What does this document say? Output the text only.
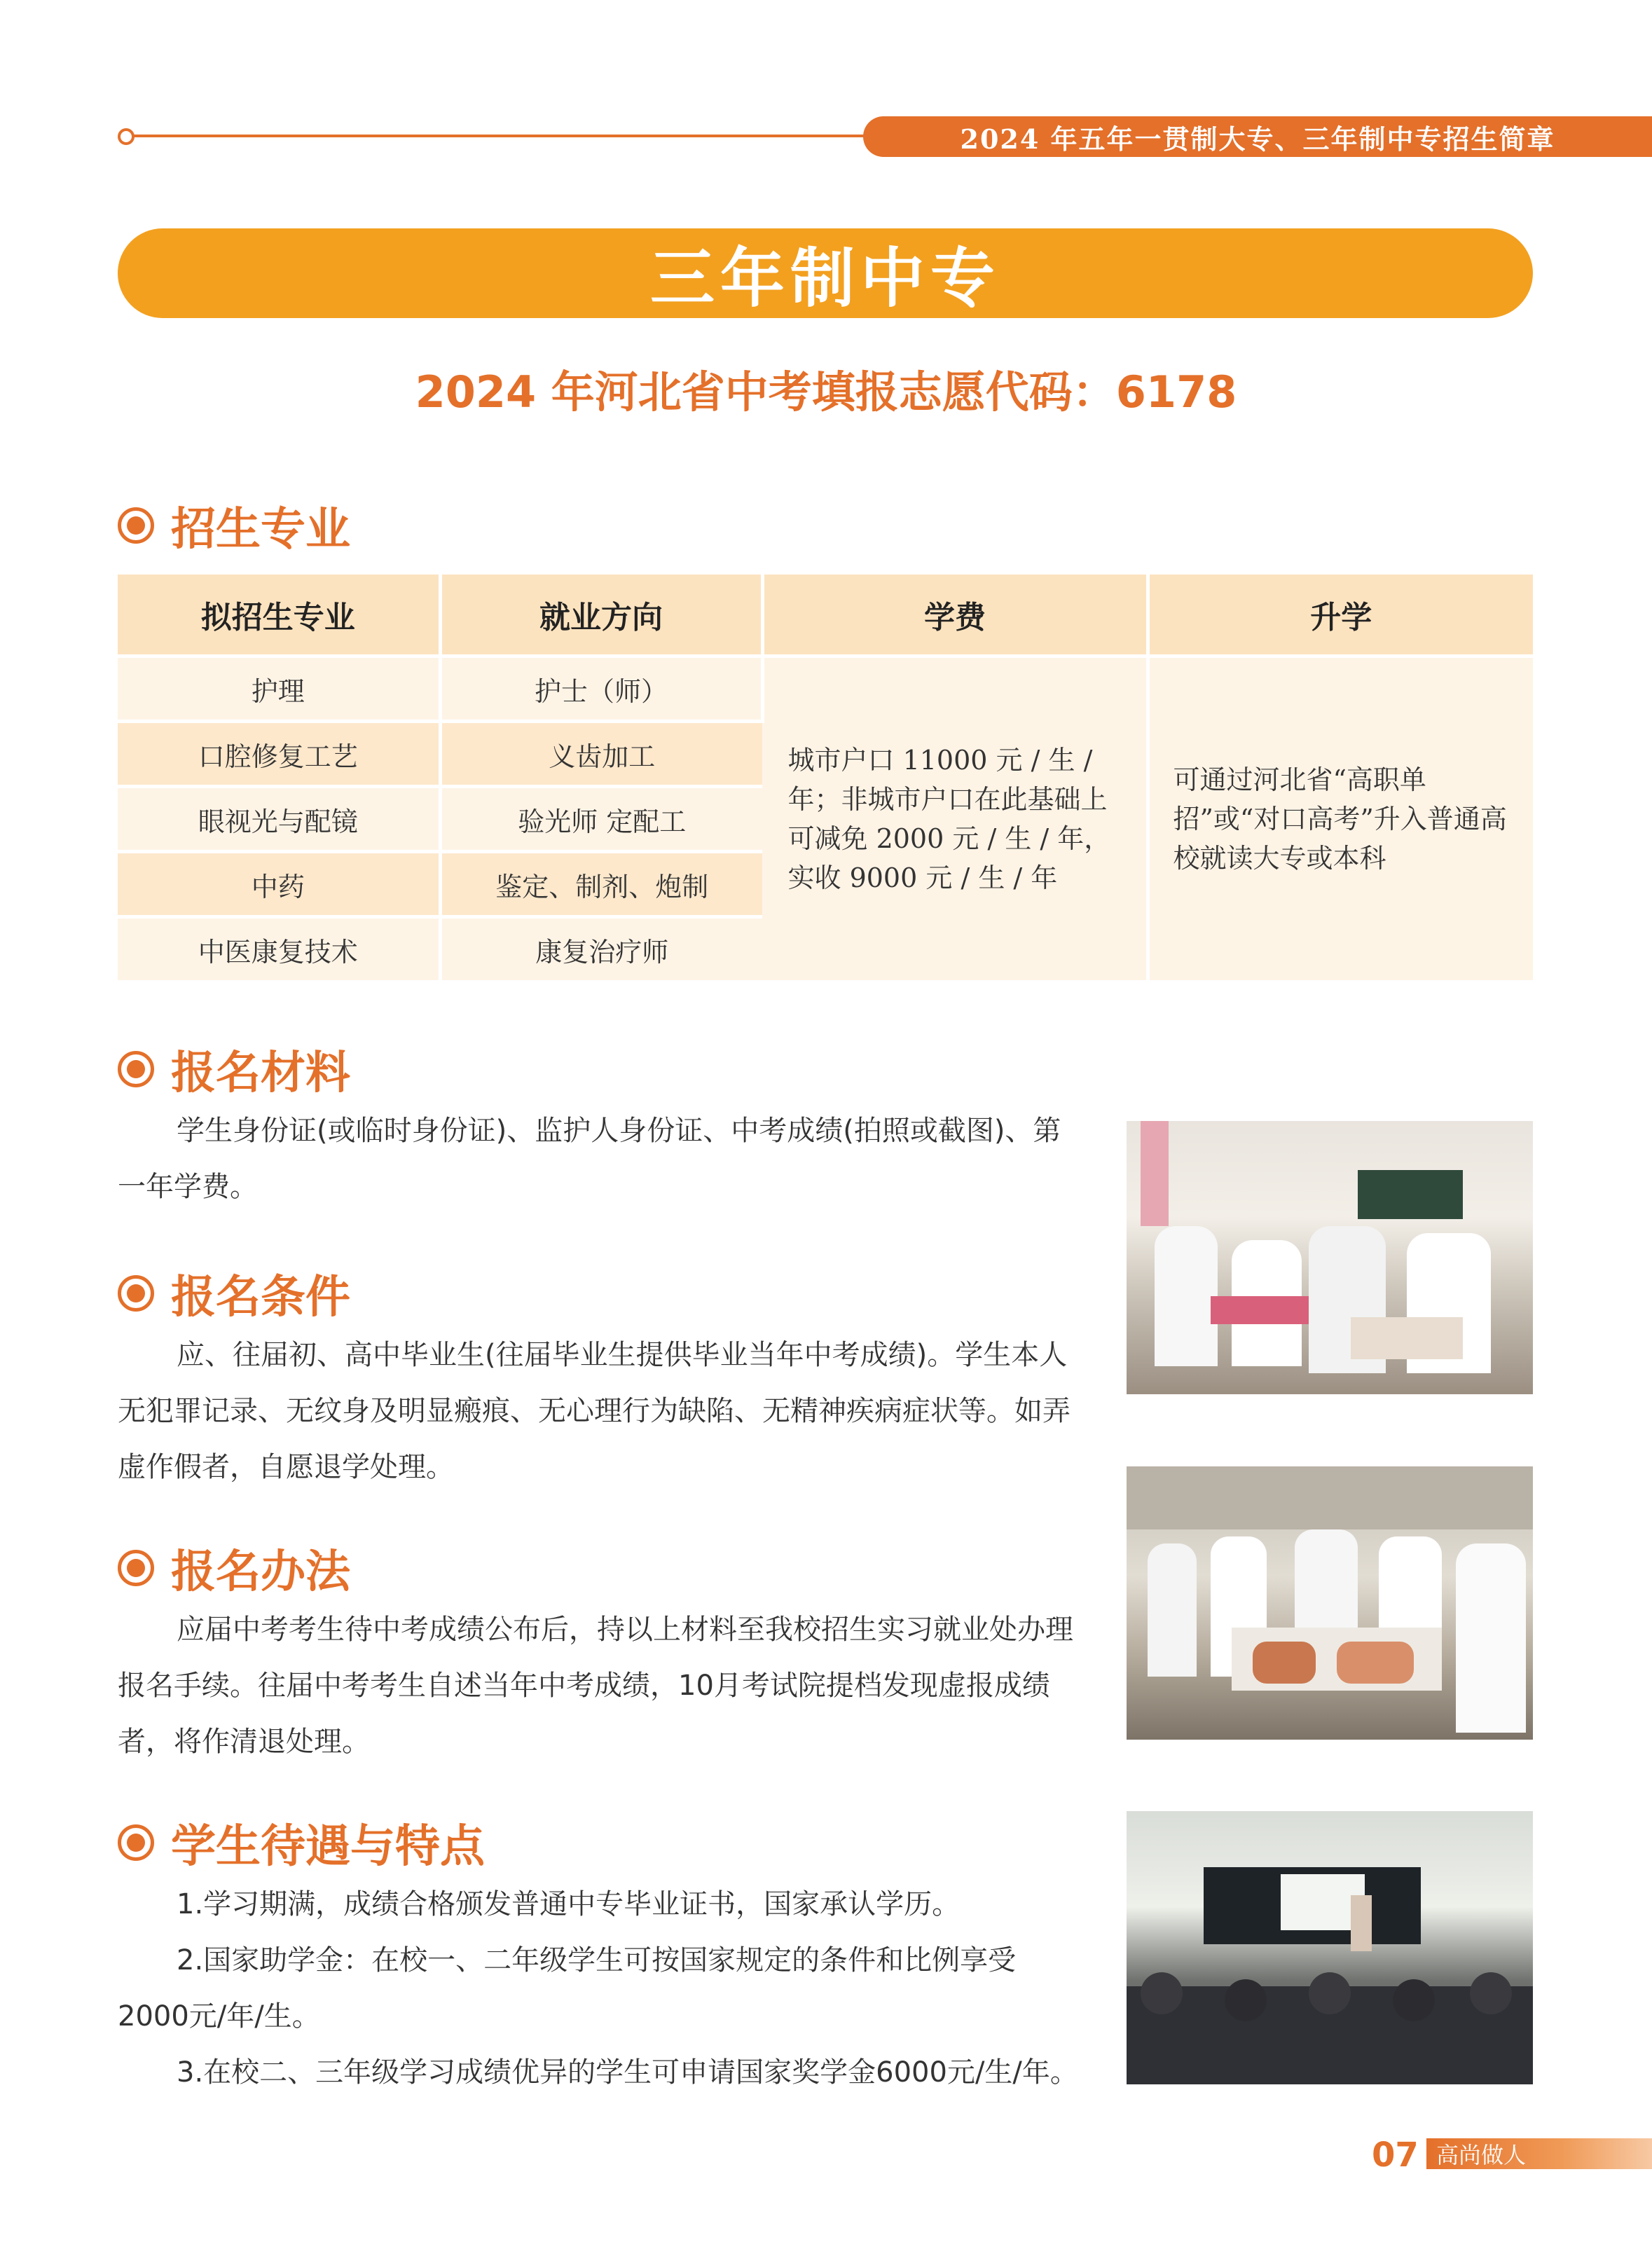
2024 年五年一贯制大专、三年制中专招生简章
三年制中专
2024 年河北省中考填报志愿代码：6178
招生专业
拟招生专业	就业方向	学费	升学
护理	护士（师）	城市户口 11000 元 / 生 / 年；非城市户口在此基础上可减免 2000 元 / 生 / 年，实收 9000 元 / 生 / 年	可通过河北省“高职单招”或“对口高考”升入普通高校就读大专或本科
口腔修复工艺	义齿加工		
眼视光与配镜	验光师 定配工		
中药	鉴定、制剂、炮制		
中医康复技术	康复治疗师		
报名材料

学生身份证(或临时身份证)、监护人身份证、中考成绩(拍照或截图)、第一年学费。

报名条件

应、往届初、高中毕业生(往届毕业生提供毕业当年中考成绩)。学生本人无犯罪记录、无纹身及明显瘢痕、无心理行为缺陷、无精神疾病症状等。如弄虚作假者，自愿退学处理。

报名办法

应届中考考生待中考成绩公布后，持以上材料至我校招生实习就业处办理报名手续。往届中考考生自述当年中考成绩，10月考试院提档发现虚报成绩者，将作清退处理。

学生待遇与特点

1.学习期满，成绩合格颁发普通中专毕业证书，国家承认学历。

2.国家助学金：在校一、二年级学生可按国家规定的条件和比例享受2000元/年/生。

3.在校二、三年级学习成绩优异的学生可申请国家奖学金6000元/生/年。

07 高尚做人
